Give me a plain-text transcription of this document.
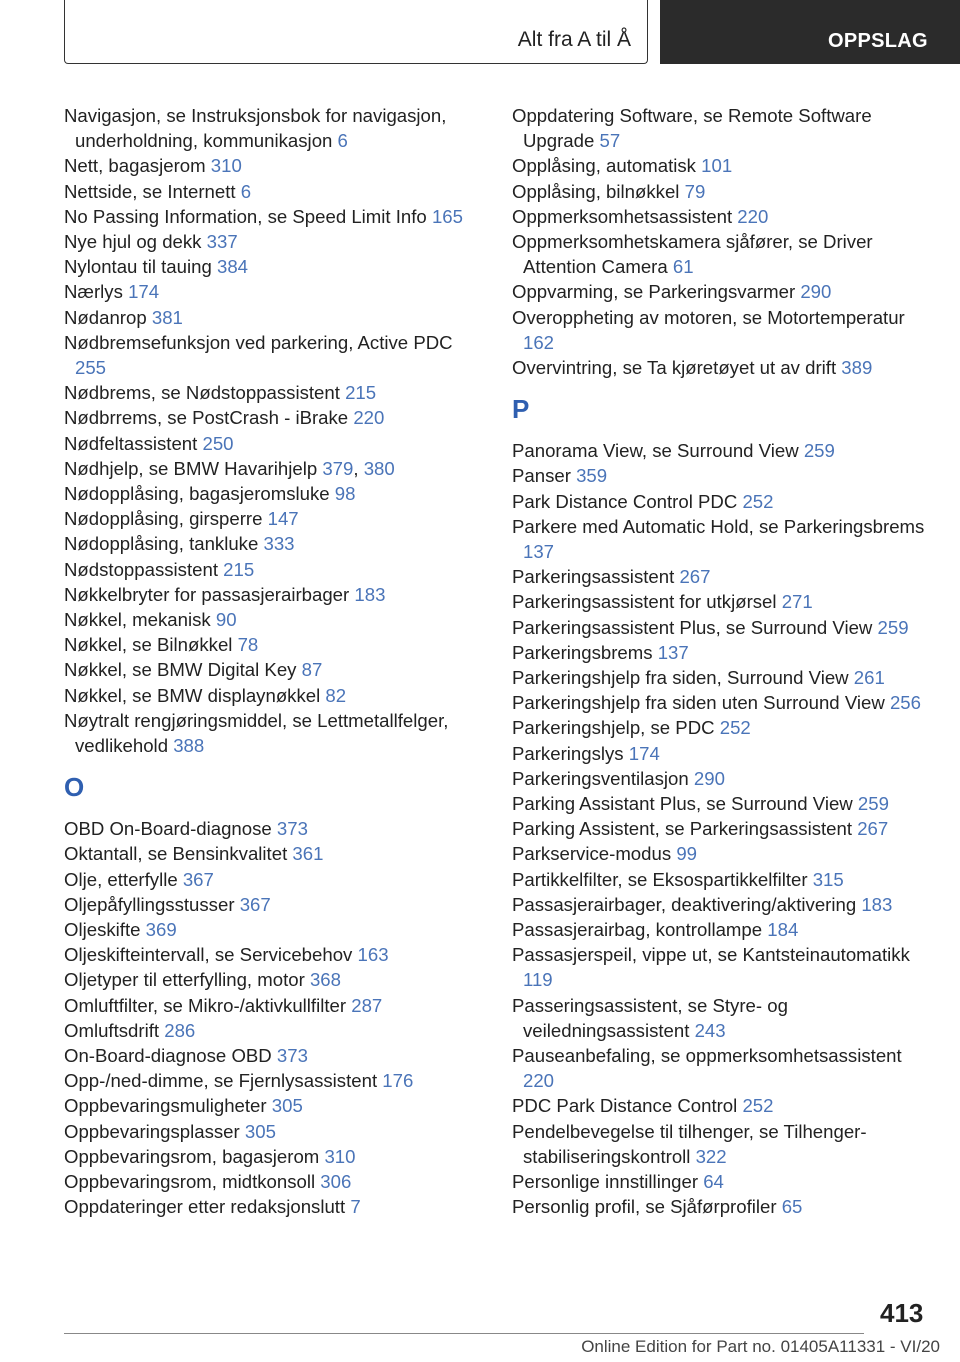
Alt fra A til Å	OPPSLAG
Navigasjon, se Instruksjonsbok for navigasjon, underholdning, kommunikasjon 6
Nett, bagasjerom 310
Nettside, se Internett 6
No Passing Information, se Speed Limit Info 165
Nye hjul og dekk 337
Nylontau til tauing 384
Nærlys 174
Nødanrop 381
Nødbremsefunksjon ved parkering, Active PDC 255
Nødbrems, se Nødstoppassistent 215
Nødbrrems, se PostCrash - iBrake 220
Nødfeltassistent 250
Nødhjelp, se BMW Havarihjelp 379, 380
Nødopplåsing, bagasjeromsluke 98
Nødopplåsing, girsperre 147
Nødopplåsing, tankluke 333
Nødstoppassistent 215
Nøkkelbryter for passasjerairbager 183
Nøkkel, mekanisk 90
Nøkkel, se Bilnøkkel 78
Nøkkel, se BMW Digital Key 87
Nøkkel, se BMW displaynøkkel 82
Nøytralt rengjøringsmiddel, se Lettmetallfelger, vedlikehold 388
O
OBD On-Board-diagnose 373
Oktantall, se Bensinkvalitet 361
Olje, etterfylle 367
Oljepåfyllingsstusser 367
Oljeskifte 369
Oljeskifteintervall, se Servicebehov 163
Oljetyper til etterfylling, motor 368
Omluftfilter, se Mikro-/aktivkullfilter 287
Omluftsdrift 286
On-Board-diagnose OBD 373
Opp-/ned-dimme, se Fjernlysassistent 176
Oppbevaringsmuligheter 305
Oppbevaringsplasser 305
Oppbevaringsrom, bagasjerom 310
Oppbevaringsrom, midtkonsoll 306
Oppdateringer etter redaksjonslutt 7
Oppdatering Software, se Remote Software Upgrade 57
Opplåsing, automatisk 101
Opplåsing, bilnøkkel 79
Oppmerksomhetsassistent 220
Oppmerksomhetskamera sjåfører, se Driver Attention Camera 61
Oppvarming, se Parkeringsvarmer 290
Overoppheting av motoren, se Motortemperatur 162
Overvintring, se Ta kjøretøyet ut av drift 389
P
Panorama View, se Surround View 259
Panser 359
Park Distance Control PDC 252
Parkere med Automatic Hold, se Parkeringsbrems 137
Parkeringsassistent 267
Parkeringsassistent for utkjørsel 271
Parkeringsassistent Plus, se Surround View 259
Parkeringsbrems 137
Parkeringshjelp fra siden, Surround View 261
Parkeringshjelp fra siden uten Surround View 256
Parkeringshjelp, se PDC 252
Parkeringslys 174
Parkeringsventilasjon 290
Parking Assistant Plus, se Surround View 259
Parking Assistent, se Parkeringsassistent 267
Parkservice-modus 99
Partikkelfilter, se Eksospartikkelfilter 315
Passasjerairbager, deaktivering/aktivering 183
Passasjerairbag, kontrollampe 184
Passasjerspeil, vippe ut, se Kantsteinautomatikk 119
Passeringsassistent, se Styre- og veiledningsassistent 243
Pauseanbefaling, se oppmerksomhetsassistent 220
PDC Park Distance Control 252
Pendelbevegelse til tilhenger, se Tilhenger-stabiliseringskontroll 322
Personlige innstillinger 64
Personlig profil, se Sjåførprofiler 65
413
Online Edition for Part no. 01405A11331 - VI/20
